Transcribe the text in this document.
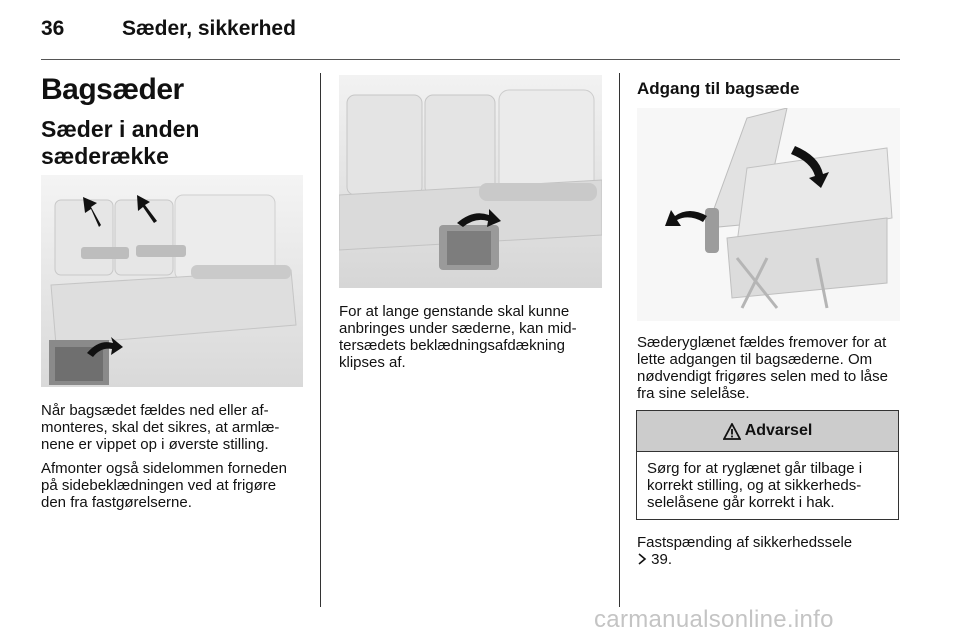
36	Sæder, sikkerhed
Bagsæder
Sæder i anden sæderække
Når bagsædet fældes ned eller af-monteres, skal det sikres, at armlæ-nene er vippet op i øverste stilling.
Afmonter også sidelommen forneden på sidebeklædningen ved at frigøre den fra fastgørelserne.
For at lange genstande skal kunne anbringes under sæderne, kan mid-tersædets beklædningsafdækning klipses af.
Adgang til bagsæde
Sæderyglænet fældes fremover for at lette adgangen til bagsæderne. Om nødvendigt frigøres selen med to låse fra sine selelåse.
Advarsel
Sørg for at ryglænet går tilbage i korrekt stilling, og at sikkerheds-selelåsene går korrekt i hak.
Fastspænding af sikkerhedssele
39.
carmanualsonline.info
